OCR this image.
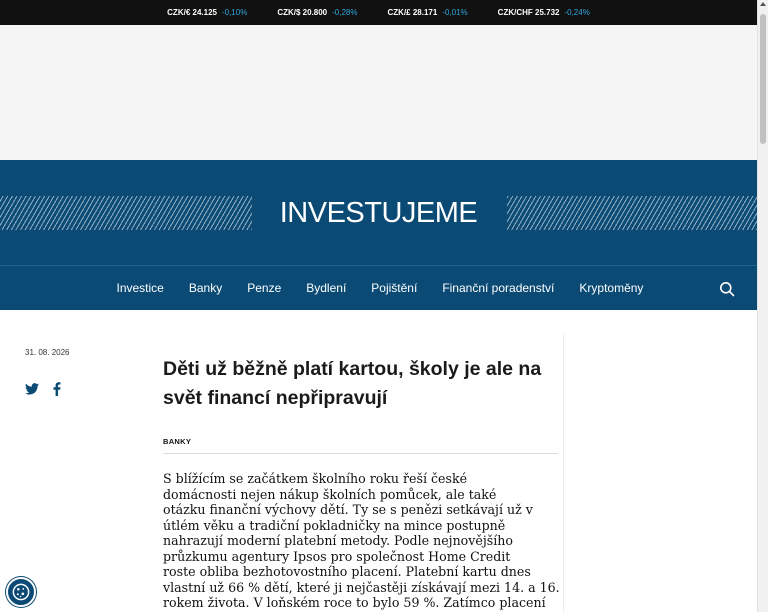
CZK/€ 24.125 -0,10%	CZK/$ 20.800 -0,28%	CZK/£ 28.171 -0,01%	CZK/CHF 25.732 -0,24%
INVESTUJEME
Investice Banky Penze Bydlení Pojištění Finanční poradenství Kryptoměny
31. 08. 2026
Děti už běžně platí kartou, školy je ale na svět financí nepřipravují
BANKY
S blížícím se začátkem školního roku řeší české
domácnosti nejen nákup školních pomůcek, ale také
otázku finanční výchovy dětí. Ty se s penězi setkávají už v
útlém věku a tradiční pokladničky na mince postupně
nahrazují moderní platební metody. Podle nejnovějšího
průzkumu agentury Ipsos pro společnost Home Credit
roste obliba bezhotovostního placení. Platební kartu dnes
vlastní už 66 % dětí, které ji nejčastěji získávají mezi 14. a 16.
rokem života. V loňském roce to bylo 59 %. Zatímco placení
